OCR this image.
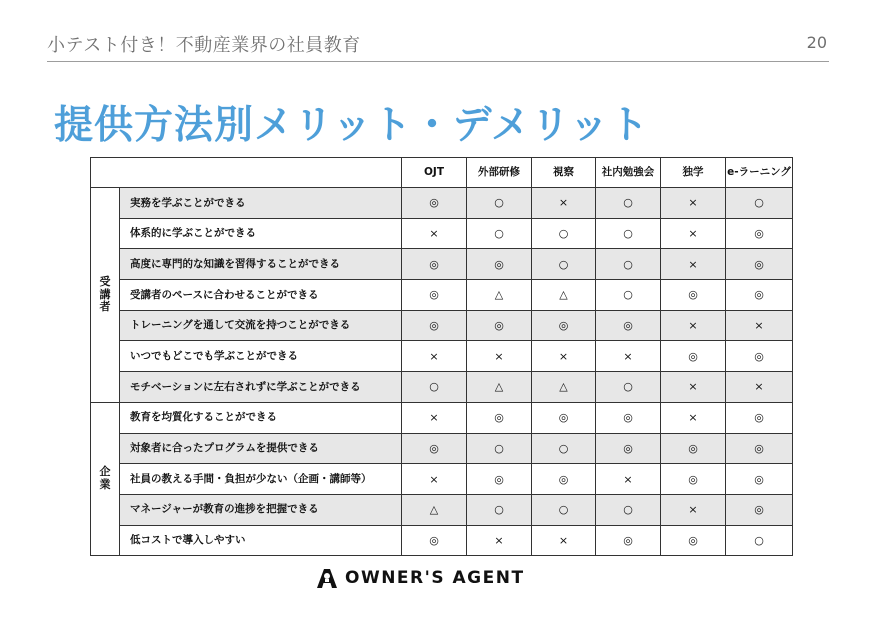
小テスト付き！不動産業界の社員教育	20
提供方法別メリット・デメリット
		OJT	外部研修	視察	社内勉強会	独学	e-ラーニング
受講者	実務を学ぶことができる	◎	○	×	○	×	○
	体系的に学ぶことができる	×	○	○	○	×	◎
	高度に専門的な知識を習得することができる	◎	◎	○	○	×	◎
	受講者のペースに合わせることができる	◎	△	△	○	◎	◎
	トレーニングを通して交流を持つことができる	◎	◎	◎	◎	×	×
	いつでもどこでも学ぶことができる	×	×	×	×	◎	◎
	モチベーションに左右されずに学ぶことができる	○	△	△	○	×	×
企業	教育を均質化することができる	×	◎	◎	◎	×	◎
	対象者に合ったプログラムを提供できる	◎	○	○	◎	◎	◎
	社員の教える手間・負担が少ない（企画・講師等）	×	◎	◎	×	◎	◎
	マネージャーが教育の進捗を把握できる	△	○	○	○	×	◎
	低コストで導入しやすい	◎	×	×	◎	◎	○
OWNER'S AGENT
